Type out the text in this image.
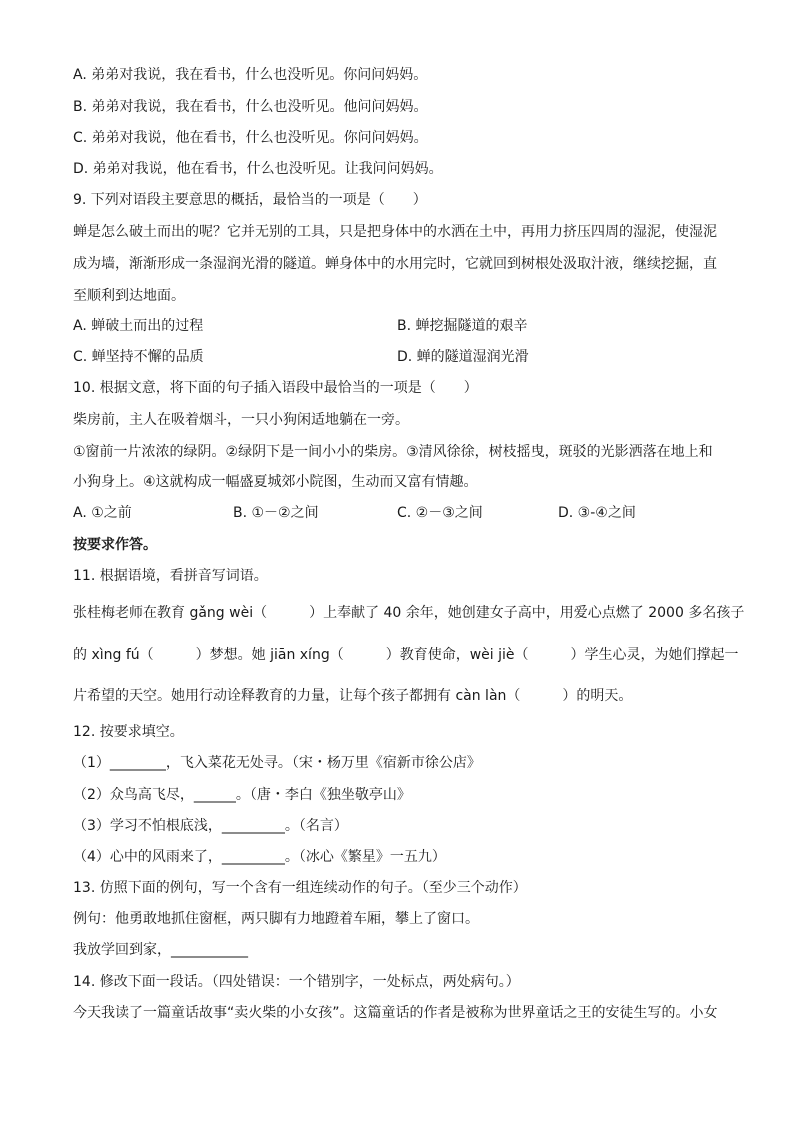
A. 弟弟对我说，我在看书，什么也没听见。你问问妈妈。
B. 弟弟对我说，我在看书，什么也没听见。他问问妈妈。
C. 弟弟对我说，他在看书，什么也没听见。你问问妈妈。
D. 弟弟对我说，他在看书，什么也没听见。让我问问妈妈。
9. 下列对语段主要意思的概括，最恰当的一项是（　　）
蝉是怎么破土而出的呢？它并无别的工具，只是把身体中的水洒在土中，再用力挤压四周的湿泥，使湿泥
成为墙，渐渐形成一条湿润光滑的隧道。蝉身体中的水用完时，它就回到树根处汲取汁液，继续挖掘，直
至顺利到达地面。
A. 蝉破土而出的过程	B. 蝉挖掘隧道的艰辛
C. 蝉坚持不懈的品质	D. 蝉的隧道湿润光滑
10. 根据文意，将下面的句子插入语段中最恰当的一项是（　　）
柴房前，主人在吸着烟斗，一只小狗闲适地躺在一旁。
①窗前一片浓浓的绿阴。②绿阴下是一间小小的柴房。③清风徐徐，树枝摇曳，斑驳的光影洒落在地上和
小狗身上。④这就构成一幅盛夏城郊小院图，生动而又富有情趣。
A. ①之前	B. ①－②之间	C. ②－③之间	D. ③-④之间
按要求作答。
11. 根据语境，看拼音写词语。
张桂梅老师在教育 gǎng wèi（　　　）上奉献了 40 余年，她创建女子高中，用爱心点燃了 2000 多名孩子
的 xìng fú（　　　）梦想。她 jiān xíng（　　　）教育使命，wèi jiè（　　　）学生心灵，为她们撑起一
片希望的天空。她用行动诠释教育的力量，让每个孩子都拥有 càn làn（　　　）的明天。
12. 按要求填空。
（1）________，飞入菜花无处寻。（宋・杨万里《宿新市徐公店》
（2）众鸟高飞尽，______。（唐・李白《独坐敬亭山》
（3）学习不怕根底浅，_________。（名言）
（4）心中的风雨来了，_________。（冰心《繁星》一五九）
13. 仿照下面的例句，写一个含有一组连续动作的句子。（至少三个动作）
例句：他勇敢地抓住窗框，两只脚有力地蹬着车厢，攀上了窗口。
我放学回到家，___________
14. 修改下面一段话。（四处错误：一个错别字，一处标点，两处病句。）
今天我读了一篇童话故事“卖火柴的小女孩”。这篇童话的作者是被称为世界童话之王的安徒生写的。小女
